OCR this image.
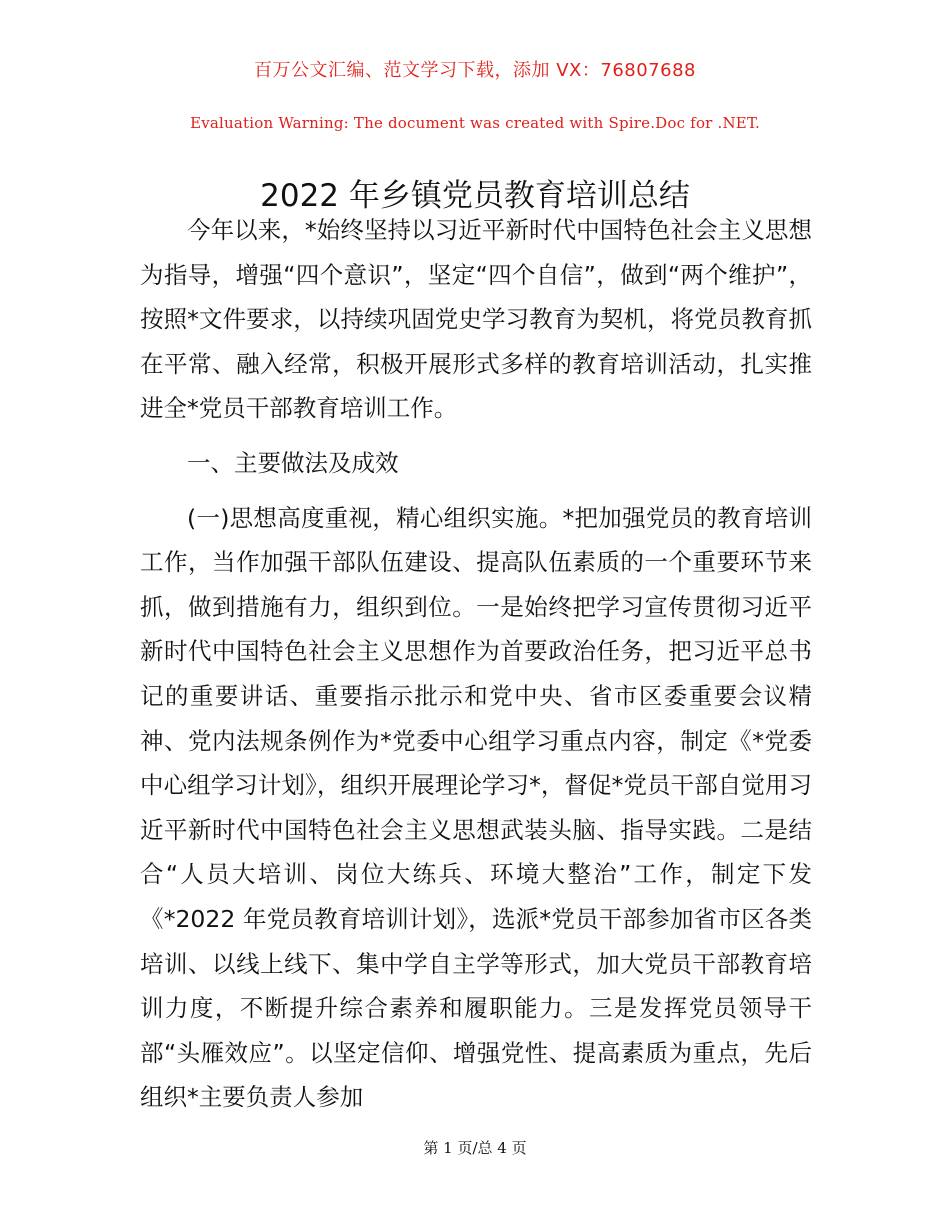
百万公文汇编、范文学习下载，添加 VX：76807688
Evaluation Warning: The document was created with Spire.Doc for .NET.
2022 年乡镇党员教育培训总结

今年以来，*始终坚持以习近平新时代中国特色社会主义思想为指导，增强“四个意识”，坚定“四个自信”，做到“两个维护”，按照*文件要求，以持续巩固党史学习教育为契机，将党员教育抓在平常、融入经常，积极开展形式多样的教育培训活动，扎实推进全*党员干部教育培训工作。

一、主要做法及成效

(一)思想高度重视，精心组织实施。*把加强党员的教育培训工作，当作加强干部队伍建设、提高队伍素质的一个重要环节来抓，做到措施有力，组织到位。一是始终把学习宣传贯彻习近平新时代中国特色社会主义思想作为首要政治任务，把习近平总书记的重要讲话、重要指示批示和党中央、省市区委重要会议精神、党内法规条例作为*党委中心组学习重点内容，制定《*党委中心组学习计划》，组织开展理论学习*，督促*党员干部自觉用习近平新时代中国特色社会主义思想武装头脑、指导实践。二是结合“人员大培训、岗位大练兵、环境大整治”工作，制定下发《*2022 年党员教育培训计划》，选派*党员干部参加省市区各类培训、以线上线下、集中学自主学等形式，加大党员干部教育培训力度，不断提升综合素养和履职能力。三是发挥党员领导干部“头雁效应”。以坚定信仰、增强党性、提高素质为重点，先后组织*主要负责人参加

第 1 页/总 4 页
